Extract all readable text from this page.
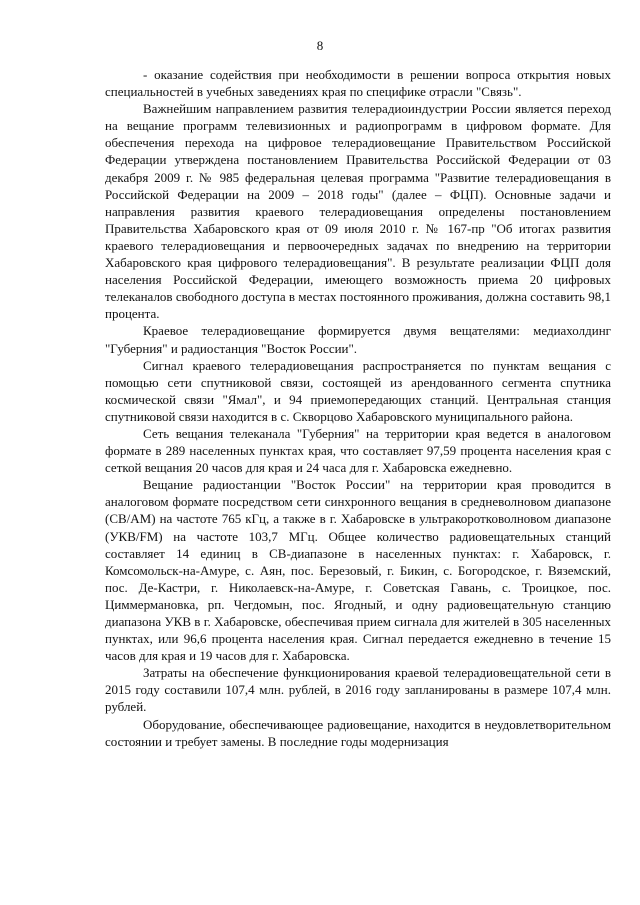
8

- оказание содействия при необходимости в решении вопроса открытия новых специальностей в учебных заведениях края по специфике отрасли "Связь".

Важнейшим направлением развития телерадиоиндустрии России является переход на вещание программ телевизионных и радиопрограмм в цифровом формате. Для обеспечения перехода на цифровое телерадиовещание Правительством Российской Федерации утверждена постановлением Правительства Российской Федерации от 03 декабря 2009 г. № 985 федеральная целевая программа "Развитие телерадиовещания в Российской Федерации на 2009 – 2018 годы" (далее – ФЦП). Основные задачи и направления развития краевого телерадиовещания определены постановлением Правительства Хабаровского края от 09 июля 2010 г. № 167-пр "Об итогах развития краевого телерадиовещания и первоочередных задачах по внедрению на территории Хабаровского края цифрового телерадиовещания". В результате реализации ФЦП доля населения Российской Федерации, имеющего возможность приема 20 цифровых телеканалов свободного доступа в местах постоянного проживания, должна составить 98,1 процента.

Краевое телерадиовещание формируется двумя вещателями: медиахолдинг "Губерния" и радиостанция "Восток России".

Сигнал краевого телерадиовещания распространяется по пунктам вещания с помощью сети спутниковой связи, состоящей из арендованного сегмента спутника космической связи "Ямал", и 94 приемопередающих станций. Центральная станция спутниковой связи находится в с. Скворцово Хабаровского муниципального района.

Сеть вещания телеканала "Губерния" на территории края ведется в аналоговом формате в 289 населенных пунктах края, что составляет 97,59 процента населения края с сеткой вещания 20 часов для края и 24 часа для г. Хабаровска ежедневно.

Вещание радиостанции "Восток России" на территории края проводится в аналоговом формате посредством сети синхронного вещания в средневолновом диапазоне (СВ/АМ) на частоте 765 кГц, а также в г. Хабаровске в ультракоротковолновом диапазоне (УКВ/FM) на частоте 103,7 МГц. Общее количество радиовещательных станций составляет 14 единиц в СВ-диапазоне в населенных пунктах: г. Хабаровск, г. Комсомольск-на-Амуре, с. Аян, пос. Березовый, г. Бикин, с. Богородское, г. Вяземский, пос. Де-Кастри, г. Николаевск-на-Амуре, г. Советская Гавань, с. Троицкое, пос. Циммермановка, рп. Чегдомын, пос. Ягодный, и одну радиовещательную станцию диапазона УКВ в г. Хабаровске, обеспечивая прием сигнала для жителей в 305 населенных пунктах, или 96,6 процента населения края. Сигнал передается ежедневно в течение 15 часов для края и 19 часов для г. Хабаровска.

Затраты на обеспечение функционирования краевой телерадиовещательной сети в 2015 году составили 107,4 млн. рублей, в 2016 году запланированы в размере 107,4 млн. рублей.

Оборудование, обеспечивающее радиовещание, находится в неудовлетворительном состоянии и требует замены. В последние годы модернизация
